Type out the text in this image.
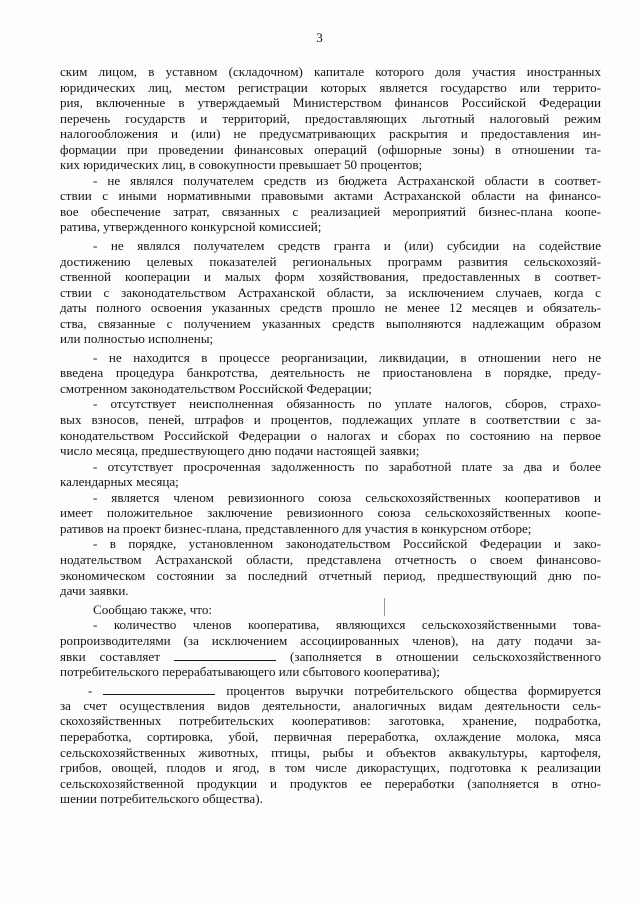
3
ским лицом, в уставном (складочном) капитале которого доля участия иностранных
юридических лиц, местом регистрации которых является государство или террито-
рия, включенные в утверждаемый Министерством финансов Российской Федерации
перечень государств и территорий, предоставляющих льготный налоговый режим
налогообложения и (или) не предусматривающих раскрытия и предоставления ин-
формации при проведении финансовых операций (офшорные зоны) в отношении та-
ких юридических лиц, в совокупности превышает 50 процентов;
- не являлся получателем средств из бюджета Астраханской области в соответ-
ствии с иными нормативными правовыми актами Астраханской области на финансо-
вое обеспечение затрат, связанных с реализацией мероприятий бизнес-плана коопе-
ратива, утвержденного конкурсной комиссией;
- не являлся получателем средств гранта и (или) субсидии на содействие
достижению целевых показателей региональных программ развития сельскохозяй-
ственной кооперации и малых форм хозяйствования, предоставленных в соответ-
ствии с законодательством Астраханской области, за исключением случаев, когда с
даты полного освоения указанных средств прошло не менее 12 месяцев и обязатель-
ства, связанные с получением указанных средств выполняются надлежащим образом
или полностью исполнены;
- не находится в процессе реорганизации, ликвидации, в отношении него не
введена процедура банкротства, деятельность не приостановлена в порядке, преду-
смотренном законодательством Российской Федерации;
- отсутствует неисполненная обязанность по уплате налогов, сборов, страхо-
вых взносов, пеней, штрафов и процентов, подлежащих уплате в соответствии с за-
конодательством Российской Федерации о налогах и сборах по состоянию на первое
число месяца, предшествующего дню подачи настоящей заявки;
- отсутствует просроченная задолженность по заработной плате за два и более
календарных месяца;
- является членом ревизионного союза сельскохозяйственных кооперативов и
имеет положительное заключение ревизионного союза сельскохозяйственных коопе-
ративов на проект бизнес-плана, представленного для участия в конкурсном отборе;
- в порядке, установленном законодательством Российской Федерации и зако-
нодательством Астраханской области, представлена отчетность о своем финансово-
экономическом состоянии за последний отчетный период, предшествующий дню по-
дачи заявки.
Сообщаю также, что:
- количество членов кооператива, являющихся сельскохозяйственными това-
ропроизводителями (за исключением ассоциированных членов), на дату подачи за-
явки составляет	(заполняется в отношении сельскохозяйственного
потребительского перерабатывающего или сбытового кооператива);
-	процентов выручки потребительского общества формируется
за счет осуществления видов деятельности, аналогичных видам деятельности сель-
скохозяйственных потребительских кооперативов: заготовка, хранение, подработка,
переработка, сортировка, убой, первичная переработка, охлаждение молока, мяса
сельскохозяйственных животных, птицы, рыбы и объектов аквакультуры, картофеля,
грибов, овощей, плодов и ягод, в том числе дикорастущих, подготовка к реализации
сельскохозяйственной продукции и продуктов ее переработки (заполняется в отно-
шении потребительского общества).
